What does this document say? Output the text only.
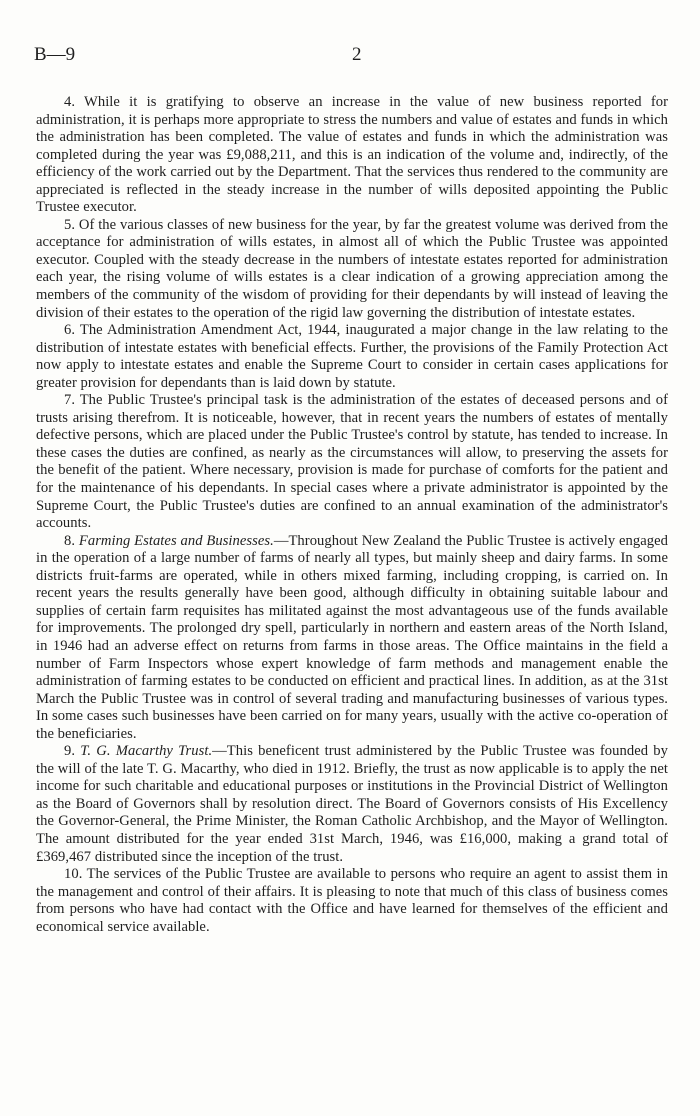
B—9	2

4. While it is gratifying to observe an increase in the value of new business reported for administration, it is perhaps more appropriate to stress the numbers and value of estates and funds in which the administration has been completed. The value of estates and funds in which the administration was completed during the year was £9,088,211, and this is an indication of the volume and, indirectly, of the efficiency of the work carried out by the Department. That the services thus rendered to the community are appreciated is reflected in the steady increase in the number of wills deposited appointing the Public Trustee executor.

5. Of the various classes of new business for the year, by far the greatest volume was derived from the acceptance for administration of wills estates, in almost all of which the Public Trustee was appointed executor. Coupled with the steady decrease in the numbers of intestate estates reported for administration each year, the rising volume of wills estates is a clear indication of a growing appreciation among the members of the community of the wisdom of providing for their dependants by will instead of leaving the division of their estates to the operation of the rigid law governing the distribution of intestate estates.

6. The Administration Amendment Act, 1944, inaugurated a major change in the law relating to the distribution of intestate estates with beneficial effects. Further, the provisions of the Family Protection Act now apply to intestate estates and enable the Supreme Court to consider in certain cases applications for greater provision for dependants than is laid down by statute.

7. The Public Trustee's principal task is the administration of the estates of deceased persons and of trusts arising therefrom. It is noticeable, however, that in recent years the numbers of estates of mentally defective persons, which are placed under the Public Trustee's control by statute, has tended to increase. In these cases the duties are confined, as nearly as the circumstances will allow, to preserving the assets for the benefit of the patient. Where necessary, provision is made for purchase of comforts for the patient and for the maintenance of his dependants. In special cases where a private administrator is appointed by the Supreme Court, the Public Trustee's duties are confined to an annual examination of the administrator's accounts.

8. Farming Estates and Businesses.—Throughout New Zealand the Public Trustee is actively engaged in the operation of a large number of farms of nearly all types, but mainly sheep and dairy farms. In some districts fruit-farms are operated, while in others mixed farming, including cropping, is carried on. In recent years the results generally have been good, although difficulty in obtaining suitable labour and supplies of certain farm requisites has militated against the most advantageous use of the funds available for improvements. The prolonged dry spell, particularly in northern and eastern areas of the North Island, in 1946 had an adverse effect on returns from farms in those areas. The Office maintains in the field a number of Farm Inspectors whose expert knowledge of farm methods and management enable the administration of farming estates to be conducted on efficient and practical lines. In addition, as at the 31st March the Public Trustee was in control of several trading and manufacturing businesses of various types. In some cases such businesses have been carried on for many years, usually with the active co-operation of the beneficiaries.

9. T. G. Macarthy Trust.—This beneficent trust administered by the Public Trustee was founded by the will of the late T. G. Macarthy, who died in 1912. Briefly, the trust as now applicable is to apply the net income for such charitable and educational purposes or institutions in the Provincial District of Wellington as the Board of Governors shall by resolution direct. The Board of Governors consists of His Excellency the Governor-General, the Prime Minister, the Roman Catholic Archbishop, and the Mayor of Wellington. The amount distributed for the year ended 31st March, 1946, was £16,000, making a grand total of £369,467 distributed since the inception of the trust.

10. The services of the Public Trustee are available to persons who require an agent to assist them in the management and control of their affairs. It is pleasing to note that much of this class of business comes from persons who have had contact with the Office and have learned for themselves of the efficient and economical service available.
